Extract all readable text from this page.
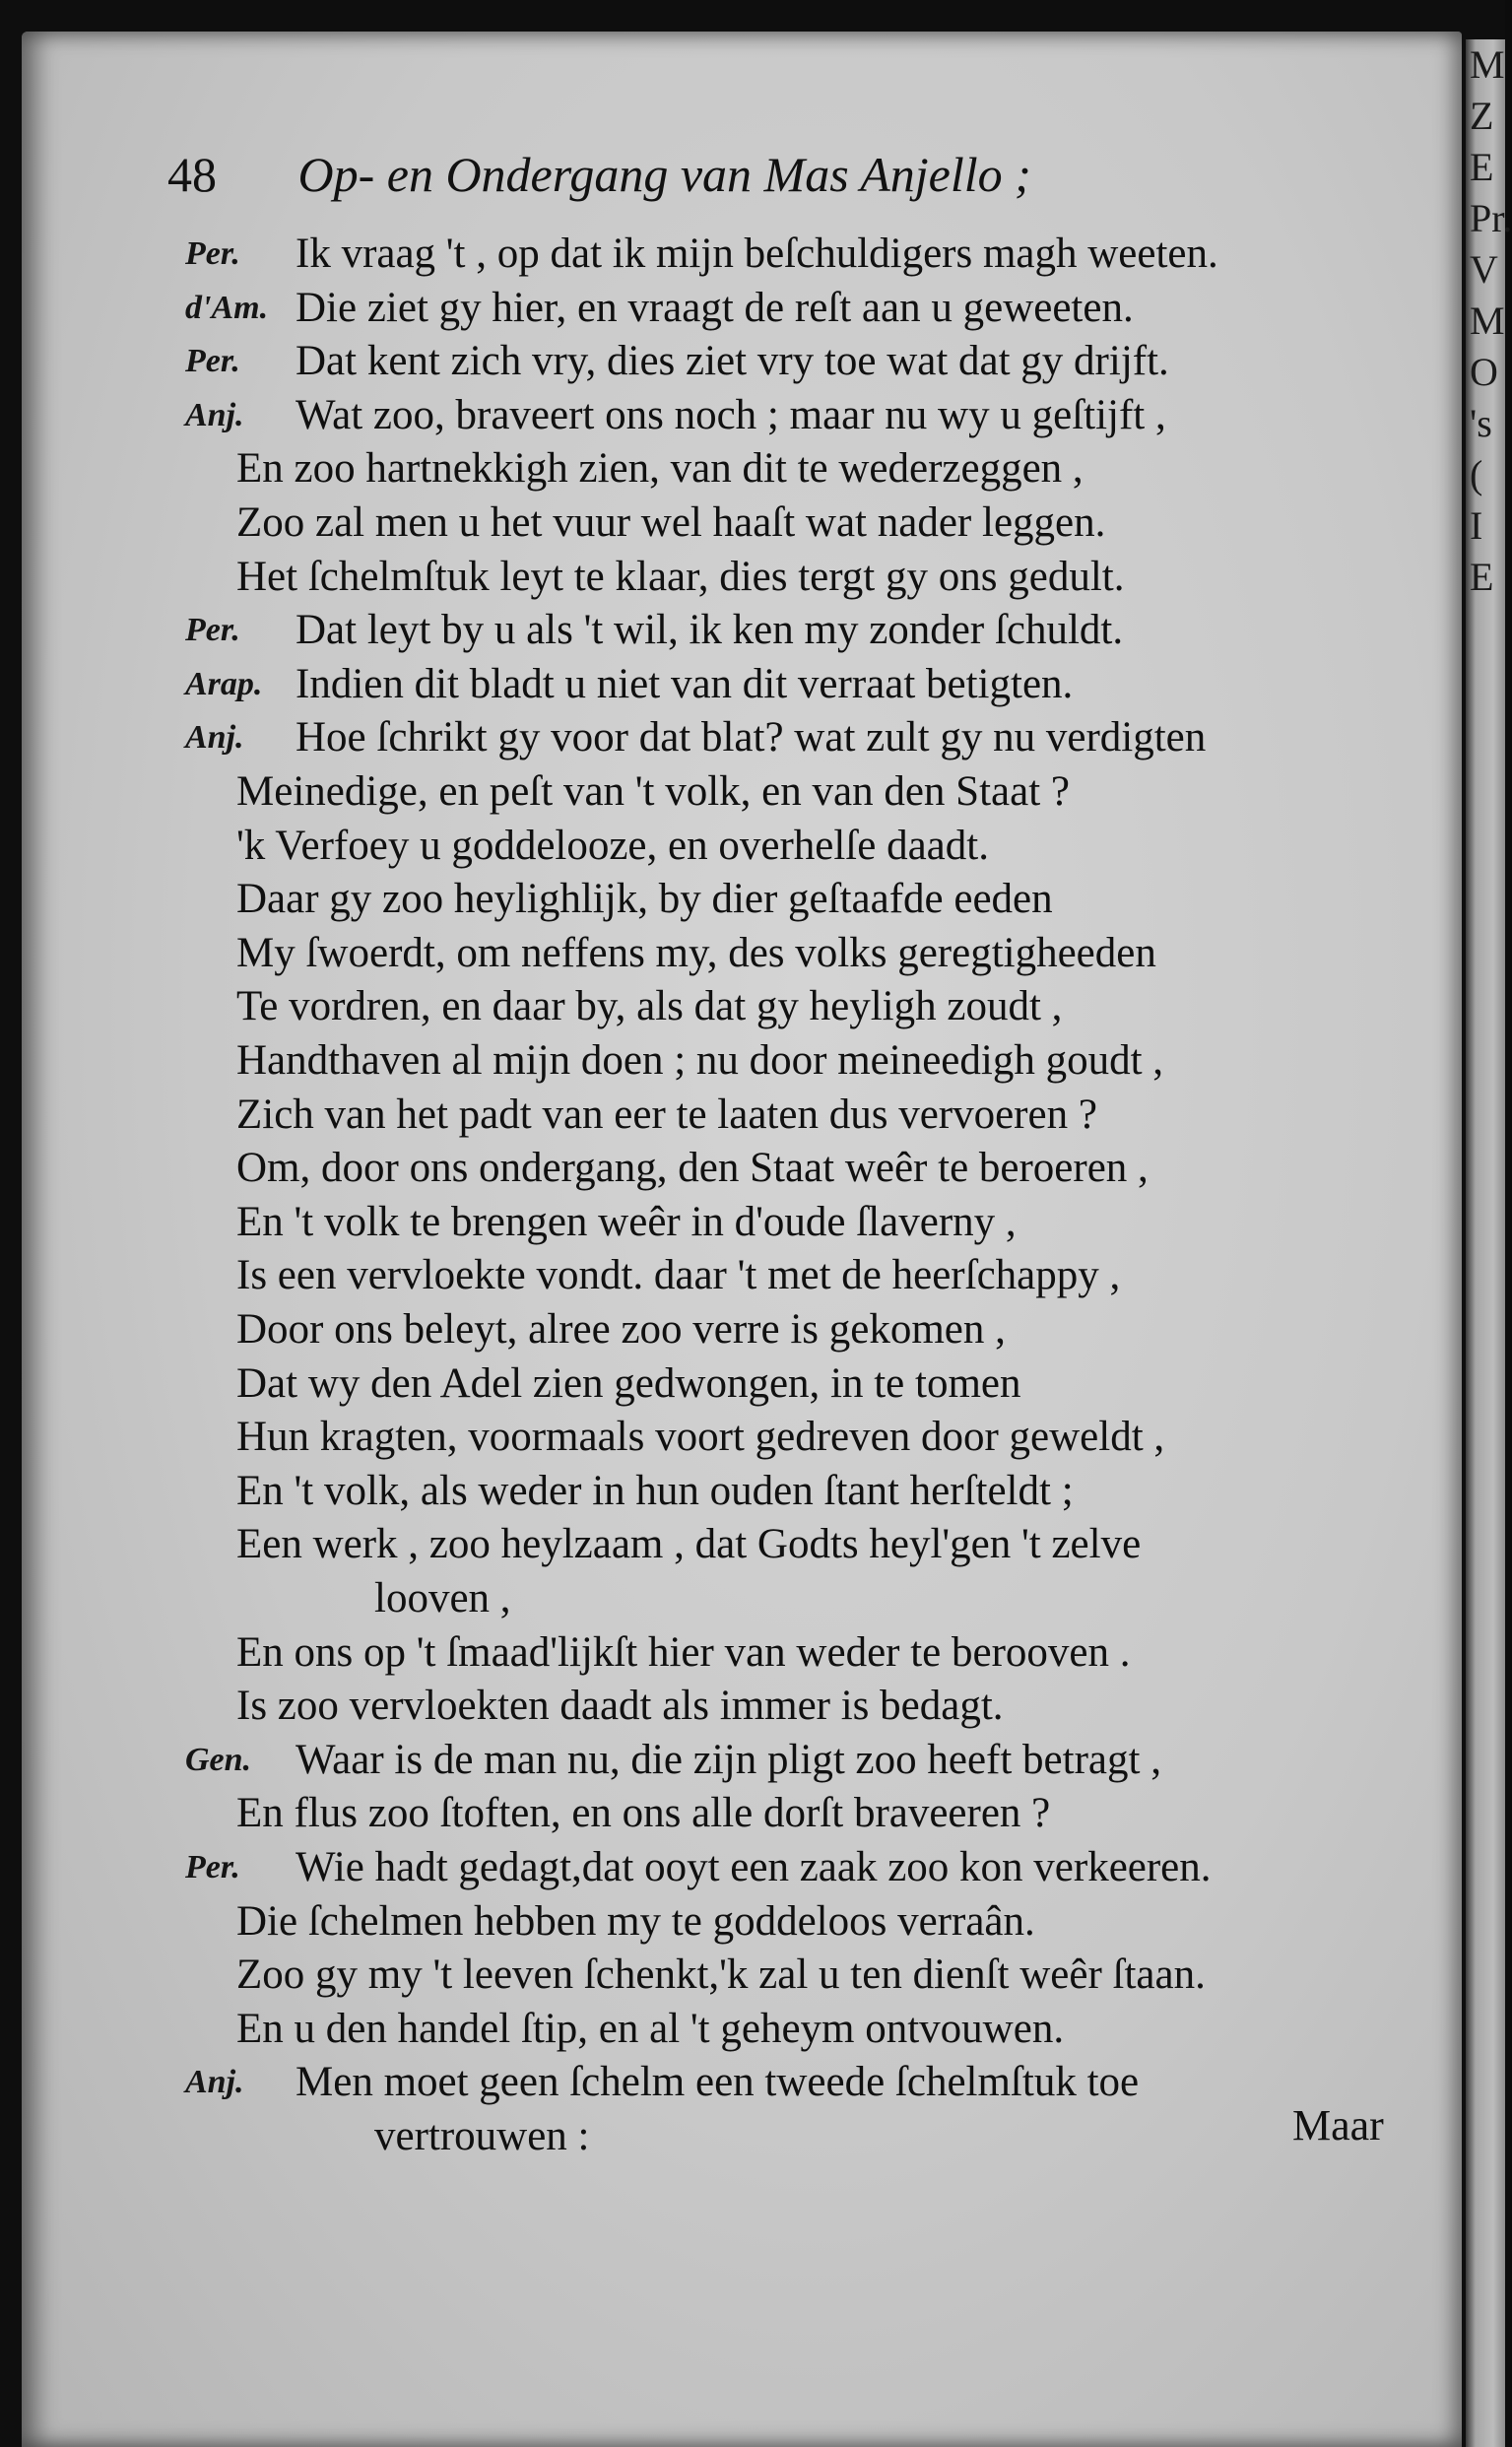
M
Z
E
Pr.
V
M
O
's
(
I
E
48 Op- en Ondergang van Mas Anjello ;
Per. Ik vraag 't , op dat ik mijn beſchuldigers magh weeten.
d'Am. Die ziet gy hier, en vraagt de reſt aan u geweeten.
Per. Dat kent zich vry, dies ziet vry toe wat dat gy drijft.
Anj. Wat zoo, braveert ons noch ; maar nu wy u geſtijft ,
En zoo hartnekkigh zien, van dit te wederzeggen ,
Zoo zal men u het vuur wel haaſt wat nader leggen.
Het ſchelmſtuk leyt te klaar, dies tergt gy ons gedult.
Per. Dat leyt by u als 't wil, ik ken my zonder ſchuldt.
Arap. Indien dit bladt u niet van dit verraat betigten.
Anj. Hoe ſchrikt gy voor dat blat? wat zult gy nu verdigten
Meinedige, en peſt van 't volk, en van den Staat ?
'k Verfoey u goddelooze, en overhelſe daadt.
Daar gy zoo heylighlijk, by dier geſtaafde eeden
My ſwoerdt, om neffens my, des volks geregtigheeden
Te vordren, en daar by, als dat gy heyligh zoudt ,
Handthaven al mijn doen ; nu door meineedigh goudt ,
Zich van het padt van eer te laaten dus vervoeren ?
Om, door ons ondergang, den Staat weêr te beroeren ,
En 't volk te brengen weêr in d'oude ſlaverny ,
Is een vervloekte vondt. daar 't met de heerſchappy ,
Door ons beleyt, alree zoo verre is gekomen ,
Dat wy den Adel zien gedwongen, in te tomen
Hun kragten, voormaals voort gedreven door geweldt ,
En 't volk, als weder in hun ouden ſtant herſteldt ;
Een werk , zoo heylzaam , dat Godts heyl'gen 't zelve
looven ,
En ons op 't ſmaad'lijkſt hier van weder te berooven .
Is zoo vervloekten daadt als immer is bedagt.
Gen. Waar is de man nu, die zijn pligt zoo heeft betragt ,
En flus zoo ſtoften, en ons alle dorſt braveeren ?
Per. Wie hadt gedagt,dat ooyt een zaak zoo kon verkeeren.
Die ſchelmen hebben my te goddeloos verraân.
Zoo gy my 't leeven ſchenkt,'k zal u ten dienſt weêr ſtaan.
En u den handel ſtip, en al 't geheym ontvouwen.
Anj. Men moet geen ſchelm een tweede ſchelmſtuk toe
vertrouwen :	Maar
